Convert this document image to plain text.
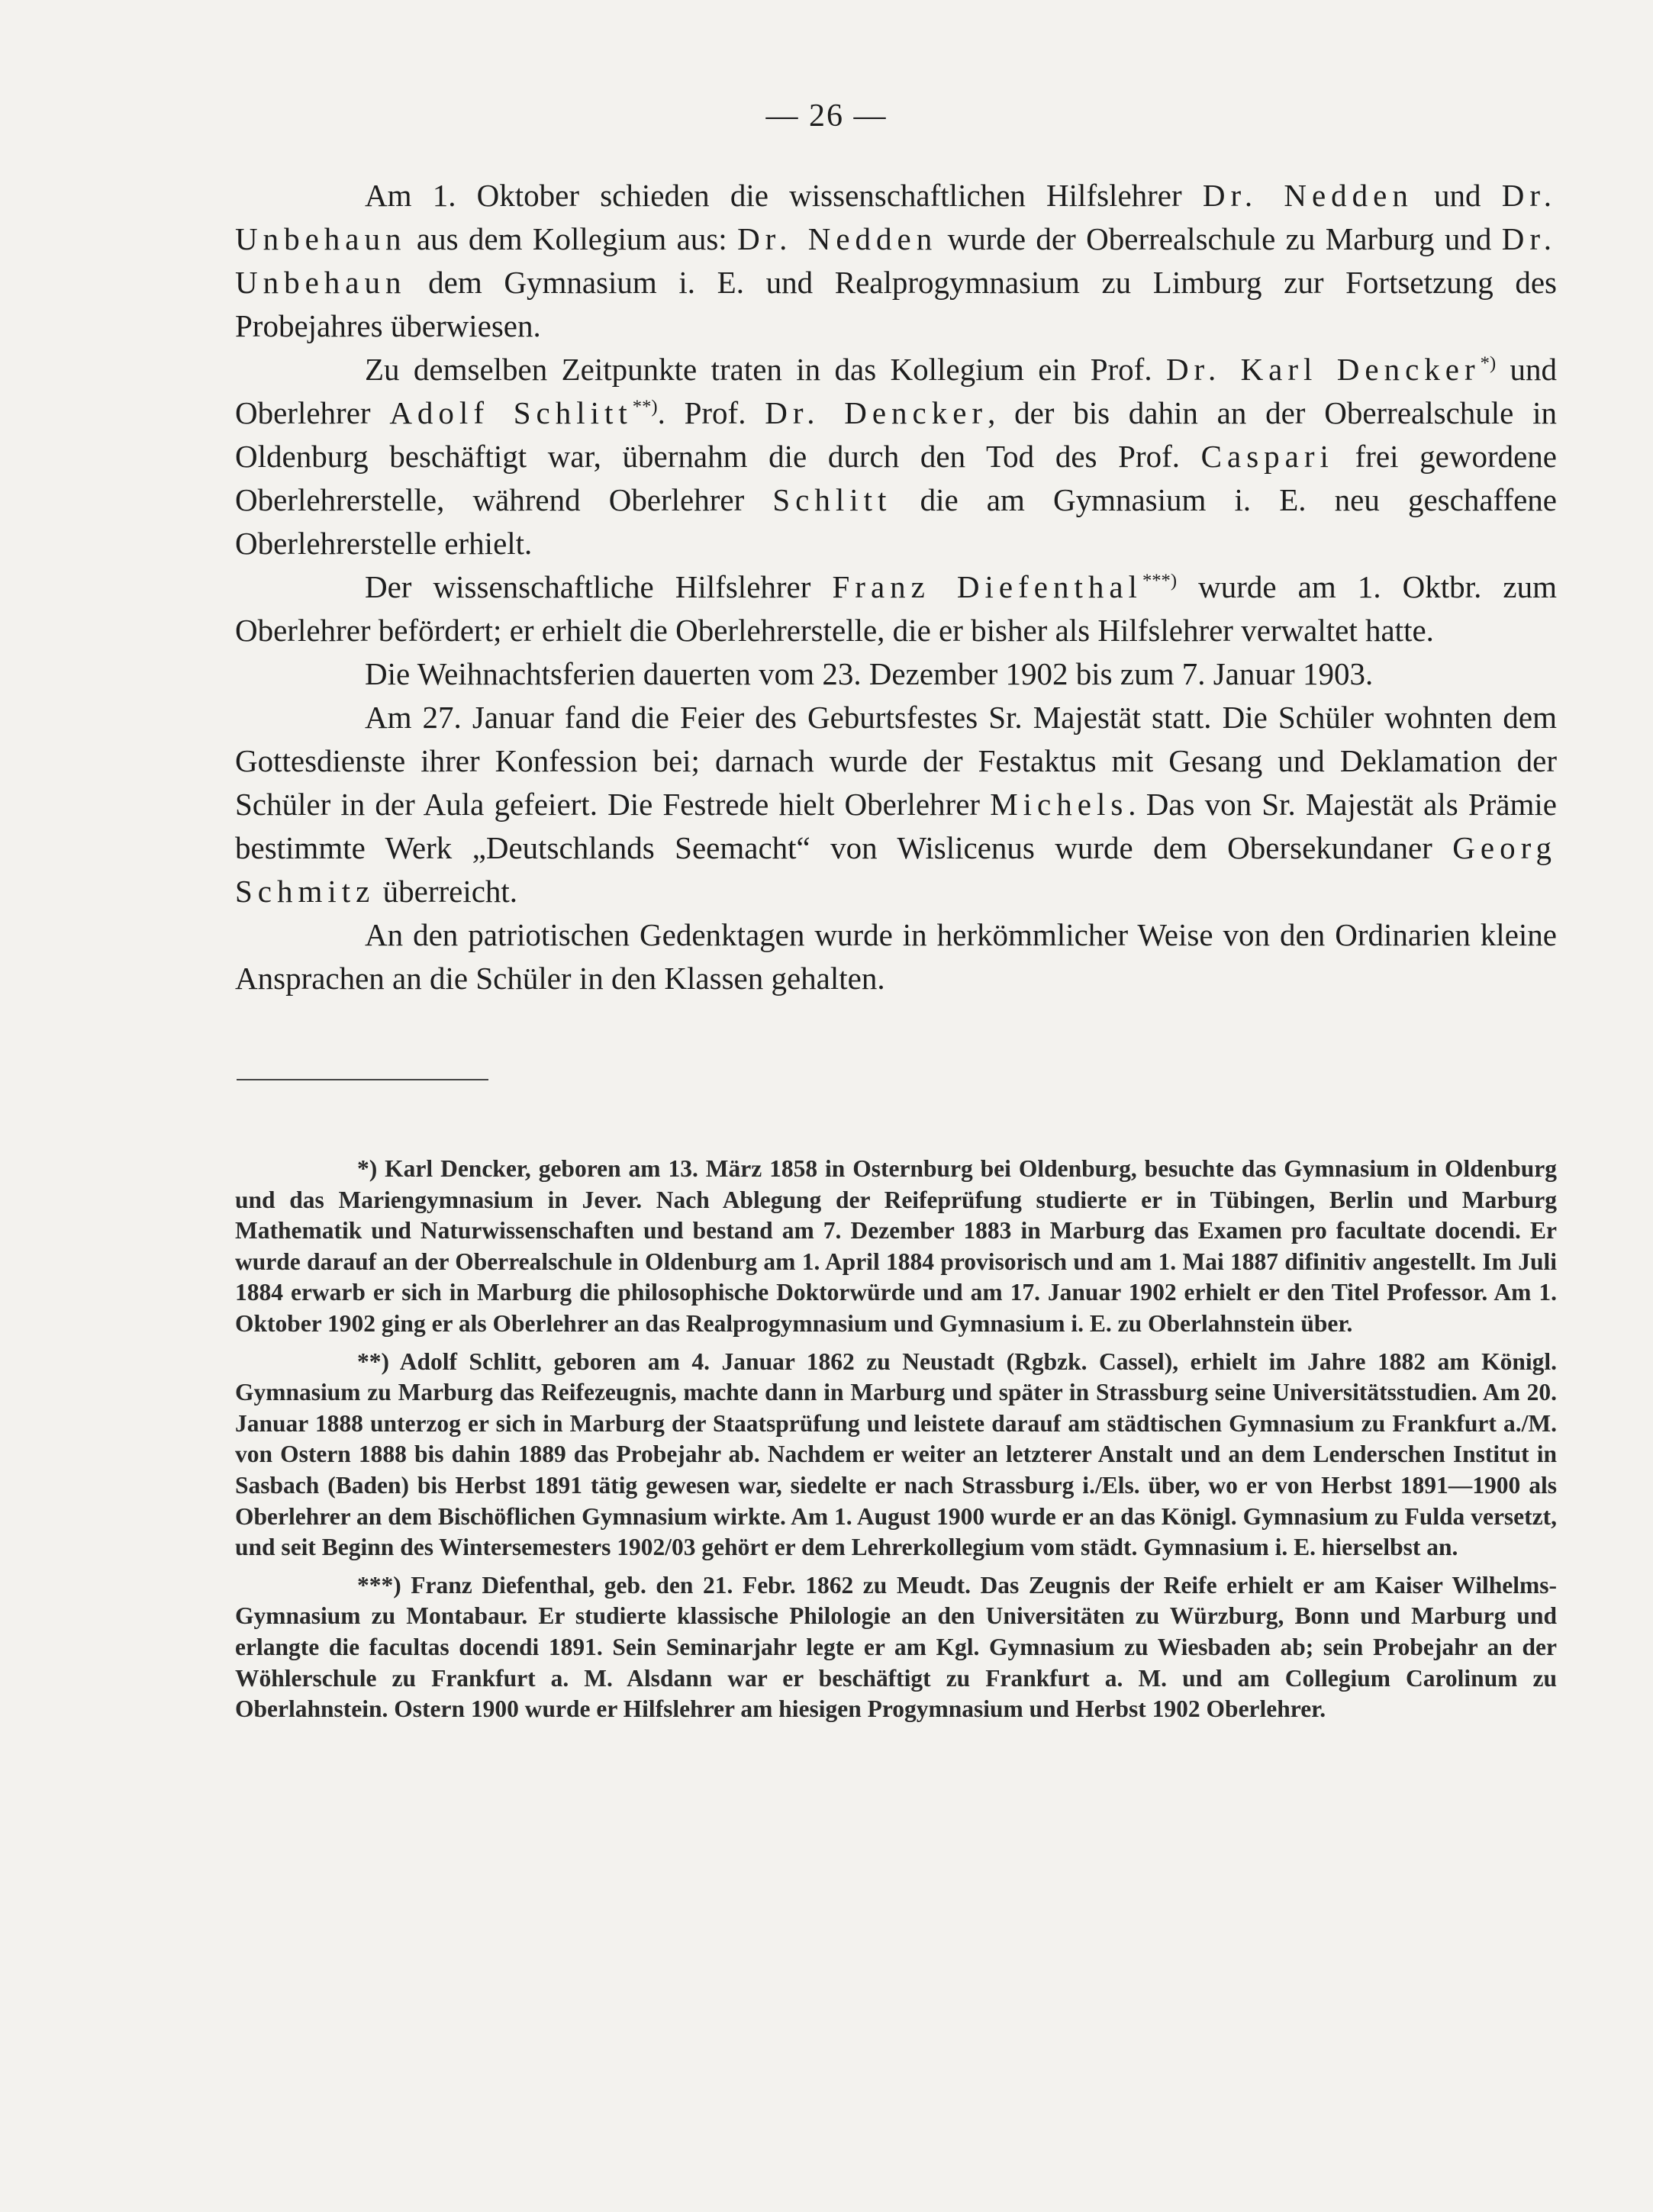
— 26 —

Am 1. Oktober schieden die wissenschaftlichen Hilfslehrer Dr. Nedden und Dr. Unbehaun aus dem Kollegium aus: Dr. Nedden wurde der Oberrealschule zu Marburg und Dr. Unbehaun dem Gymnasium i. E. und Realprogymnasium zu Limburg zur Fortsetzung des Probejahres überwiesen.

Zu demselben Zeitpunkte traten in das Kollegium ein Prof. Dr. Karl Dencker*) und Oberlehrer Adolf Schlitt**). Prof. Dr. Dencker, der bis dahin an der Oberrealschule in Oldenburg beschäftigt war, übernahm die durch den Tod des Prof. Caspari frei gewordene Oberlehrerstelle, während Oberlehrer Schlitt die am Gymnasium i. E. neu geschaffene Oberlehrerstelle erhielt.

Der wissenschaftliche Hilfslehrer Franz Diefenthal***) wurde am 1. Oktbr. zum Oberlehrer befördert; er erhielt die Oberlehrerstelle, die er bisher als Hilfslehrer verwaltet hatte.

Die Weihnachtsferien dauerten vom 23. Dezember 1902 bis zum 7. Januar 1903.

Am 27. Januar fand die Feier des Geburtsfestes Sr. Majestät statt. Die Schüler wohnten dem Gottesdienste ihrer Konfession bei; darnach wurde der Festaktus mit Gesang und Deklamation der Schüler in der Aula gefeiert. Die Festrede hielt Oberlehrer Michels. Das von Sr. Majestät als Prämie bestimmte Werk „Deutschlands Seemacht“ von Wislicenus wurde dem Obersekundaner Georg Schmitz überreicht.

An den patriotischen Gedenktagen wurde in herkömmlicher Weise von den Ordinarien kleine Ansprachen an die Schüler in den Klassen gehalten.

*) Karl Dencker, geboren am 13. März 1858 in Osternburg bei Oldenburg, besuchte das Gymnasium in Oldenburg und das Mariengymnasium in Jever. Nach Ablegung der Reifeprüfung studierte er in Tübingen, Berlin und Marburg Mathematik und Naturwissenschaften und bestand am 7. Dezember 1883 in Marburg das Examen pro facultate docendi. Er wurde darauf an der Oberrealschule in Oldenburg am 1. April 1884 provisorisch und am 1. Mai 1887 difinitiv angestellt. Im Juli 1884 erwarb er sich in Marburg die philosophische Doktorwürde und am 17. Januar 1902 erhielt er den Titel Professor. Am 1. Oktober 1902 ging er als Oberlehrer an das Realprogymnasium und Gymnasium i. E. zu Oberlahnstein über.

**) Adolf Schlitt, geboren am 4. Januar 1862 zu Neustadt (Rgbzk. Cassel), erhielt im Jahre 1882 am Königl. Gymnasium zu Marburg das Reifezeugnis, machte dann in Marburg und später in Strassburg seine Universitätsstudien. Am 20. Januar 1888 unterzog er sich in Marburg der Staatsprüfung und leistete darauf am städtischen Gymnasium zu Frankfurt a./M. von Ostern 1888 bis dahin 1889 das Probejahr ab. Nachdem er weiter an letzterer Anstalt und an dem Lenderschen Institut in Sasbach (Baden) bis Herbst 1891 tätig gewesen war, siedelte er nach Strassburg i./Els. über, wo er von Herbst 1891—1900 als Oberlehrer an dem Bischöflichen Gymnasium wirkte. Am 1. August 1900 wurde er an das Königl. Gymnasium zu Fulda versetzt, und seit Beginn des Wintersemesters 1902/03 gehört er dem Lehrerkollegium vom städt. Gymnasium i. E. hierselbst an.

***) Franz Diefenthal, geb. den 21. Febr. 1862 zu Meudt. Das Zeugnis der Reife erhielt er am Kaiser Wilhelms-Gymnasium zu Montabaur. Er studierte klassische Philologie an den Universitäten zu Würzburg, Bonn und Marburg und erlangte die facultas docendi 1891. Sein Seminarjahr legte er am Kgl. Gymnasium zu Wiesbaden ab; sein Probejahr an der Wöhlerschule zu Frankfurt a. M. Alsdann war er beschäftigt zu Frankfurt a. M. und am Collegium Carolinum zu Oberlahnstein. Ostern 1900 wurde er Hilfslehrer am hiesigen Progymnasium und Herbst 1902 Oberlehrer.
